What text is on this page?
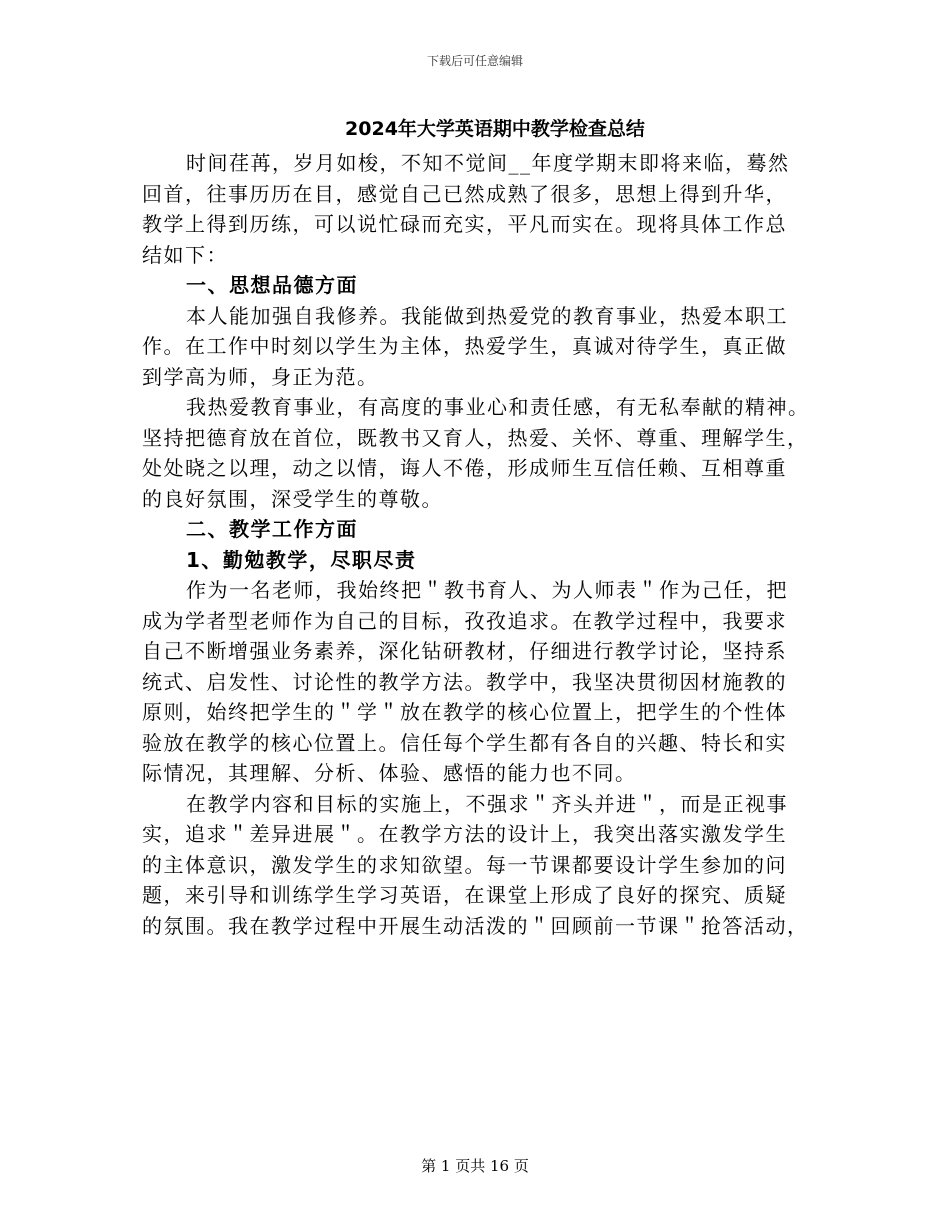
下载后可任意编辑
2024年大学英语期中教学检查总结
时间荏苒，岁月如梭，不知不觉间__年度学期末即将来临，蓦然
回首，往事历历在目，感觉自己已然成熟了很多，思想上得到升华，
教学上得到历练，可以说忙碌而充实，平凡而实在。现将具体工作总
结如下：
一、思想品德方面
本人能加强自我修养。我能做到热爱党的教育事业，热爱本职工
作。在工作中时刻以学生为主体，热爱学生，真诚对待学生，真正做
到学高为师，身正为范。
我热爱教育事业，有高度的事业心和责任感，有无私奉献的精神。
坚持把德育放在首位，既教书又育人，热爱、关怀、尊重、理解学生，
处处晓之以理，动之以情，诲人不倦，形成师生互信任赖、互相尊重
的良好氛围，深受学生的尊敬。
二、教学工作方面
1、勤勉教学，尽职尽责
作为一名老师，我始终把＂教书育人、为人师表＂作为己任，把
成为学者型老师作为自己的目标，孜孜追求。在教学过程中，我要求
自己不断增强业务素养，深化钻研教材，仔细进行教学讨论，坚持系
统式、启发性、讨论性的教学方法。教学中，我坚决贯彻因材施教的
原则，始终把学生的＂学＂放在教学的核心位置上，把学生的个性体
验放在教学的核心位置上。信任每个学生都有各自的兴趣、特长和实
际情况，其理解、分析、体验、感悟的能力也不同。
在教学内容和目标的实施上，不强求＂齐头并进＂，而是正视事
实，追求＂差异进展＂。在教学方法的设计上，我突出落实激发学生
的主体意识，激发学生的求知欲望。每一节课都要设计学生参加的问
题，来引导和训练学生学习英语，在课堂上形成了良好的探究、质疑
的氛围。我在教学过程中开展生动活泼的＂回顾前一节课＂抢答活动，
第 1 页共 16 页
